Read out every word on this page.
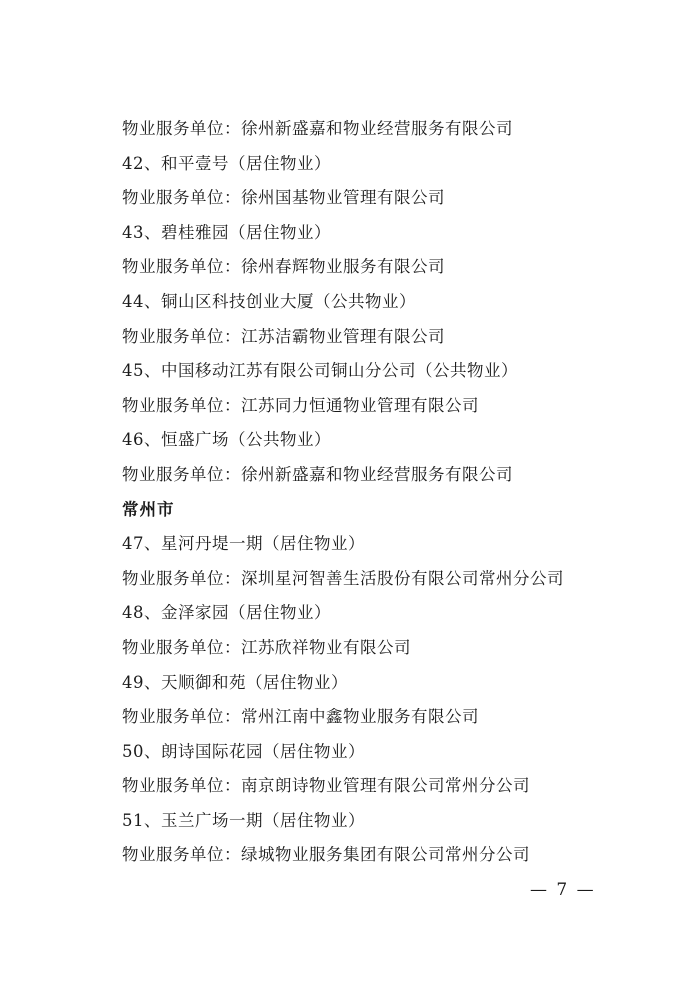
物业服务单位：徐州新盛嘉和物业经营服务有限公司
42、和平壹号（居住物业）
物业服务单位：徐州国基物业管理有限公司
43、碧桂雅园（居住物业）
物业服务单位：徐州春辉物业服务有限公司
44、铜山区科技创业大厦（公共物业）
物业服务单位：江苏洁霸物业管理有限公司
45、中国移动江苏有限公司铜山分公司（公共物业）
物业服务单位：江苏同力恒通物业管理有限公司
46、恒盛广场（公共物业）
物业服务单位：徐州新盛嘉和物业经营服务有限公司
常州市
47、星河丹堤一期（居住物业）
物业服务单位：深圳星河智善生活股份有限公司常州分公司
48、金泽家园（居住物业）
物业服务单位：江苏欣祥物业有限公司
49、天顺御和苑（居住物业）
物业服务单位：常州江南中鑫物业服务有限公司
50、朗诗国际花园（居住物业）
物业服务单位：南京朗诗物业管理有限公司常州分公司
51、玉兰广场一期（居住物业）
物业服务单位：绿城物业服务集团有限公司常州分公司
— 7 —
